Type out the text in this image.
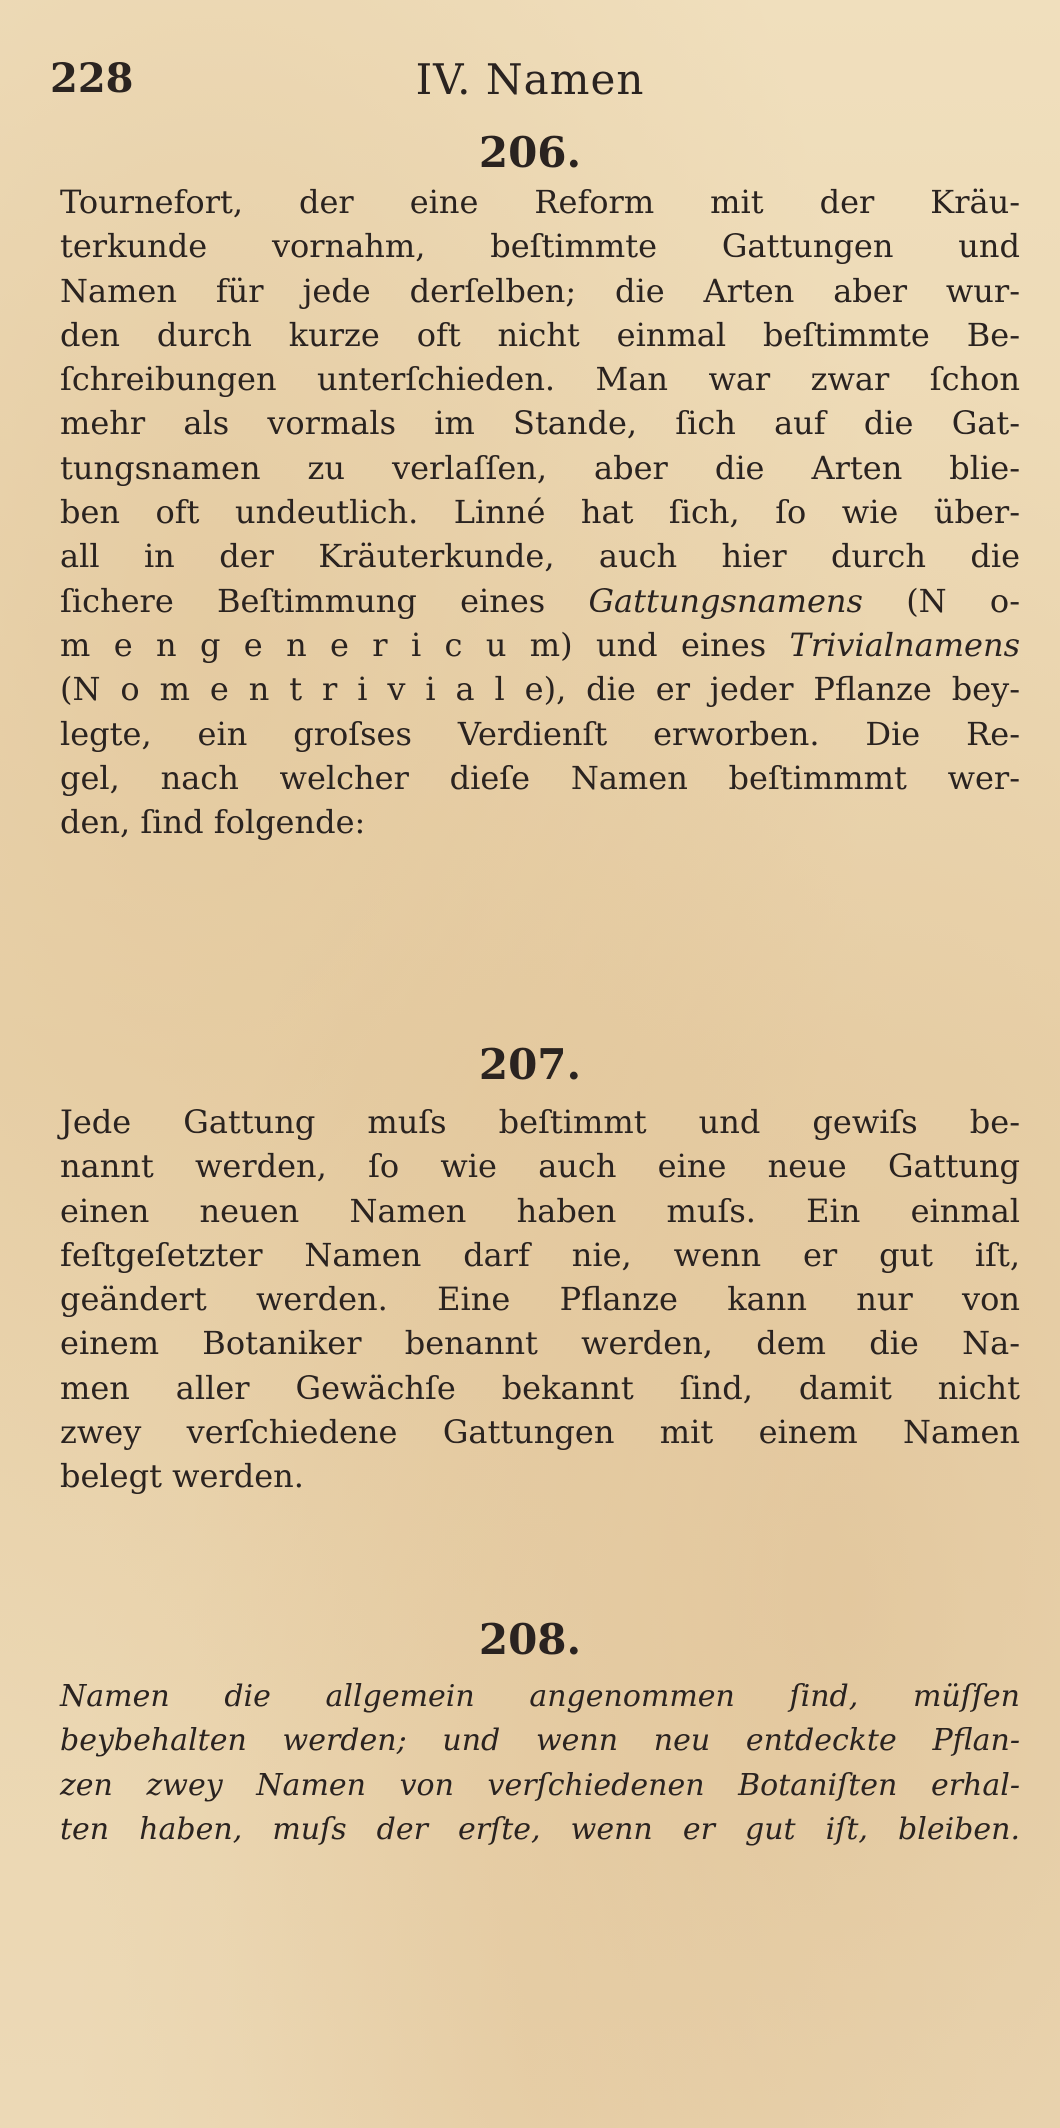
228	IV. Namen
206.
Tournefort, der eine Reform mit der Kräu-
terkunde vornahm, beſtimmte Gattungen und
Namen für jede derſelben; die Arten aber wur-
den durch kurze oft nicht einmal beſtimmte Be-
ſchreibungen unterſchieden. Man war zwar ſchon
mehr als vormals im Stande, ſich auf die Gat-
tungsnamen zu verlaſſen, aber die Arten blie-
ben oft undeutlich. Linné hat ſich, ſo wie über-
all in der Kräuterkunde, auch hier durch die
ſichere Beſtimmung eines Gattungsnamens (N o-
m e n g e n e r i c u m) und eines Trivialnamens
(N o m e n t r i v i a l e), die er jeder Pflanze bey-
legte, ein groſses Verdienſt erworben. Die Re-
gel, nach welcher dieſe Namen beſtimmmt wer-
den, ſind folgende:
207.
Jede Gattung muſs beſtimmt und gewiſs be-
nannt werden, ſo wie auch eine neue Gattung
einen neuen Namen haben muſs. Ein einmal
feſtgeſetzter Namen darf nie, wenn er gut iſt,
geändert werden. Eine Pflanze kann nur von
einem Botaniker benannt werden, dem die Na-
men aller Gewächſe bekannt ſind, damit nicht
zwey verſchiedene Gattungen mit einem Namen
belegt werden.
208.
Namen die allgemein angenommen ſind, müſſen
beybehalten werden; und wenn neu entdeckte Pflan-
zen zwey Namen von verſchiedenen Botaniſten erhal-
ten haben, muſs der erſte, wenn er gut iſt, bleiben.
